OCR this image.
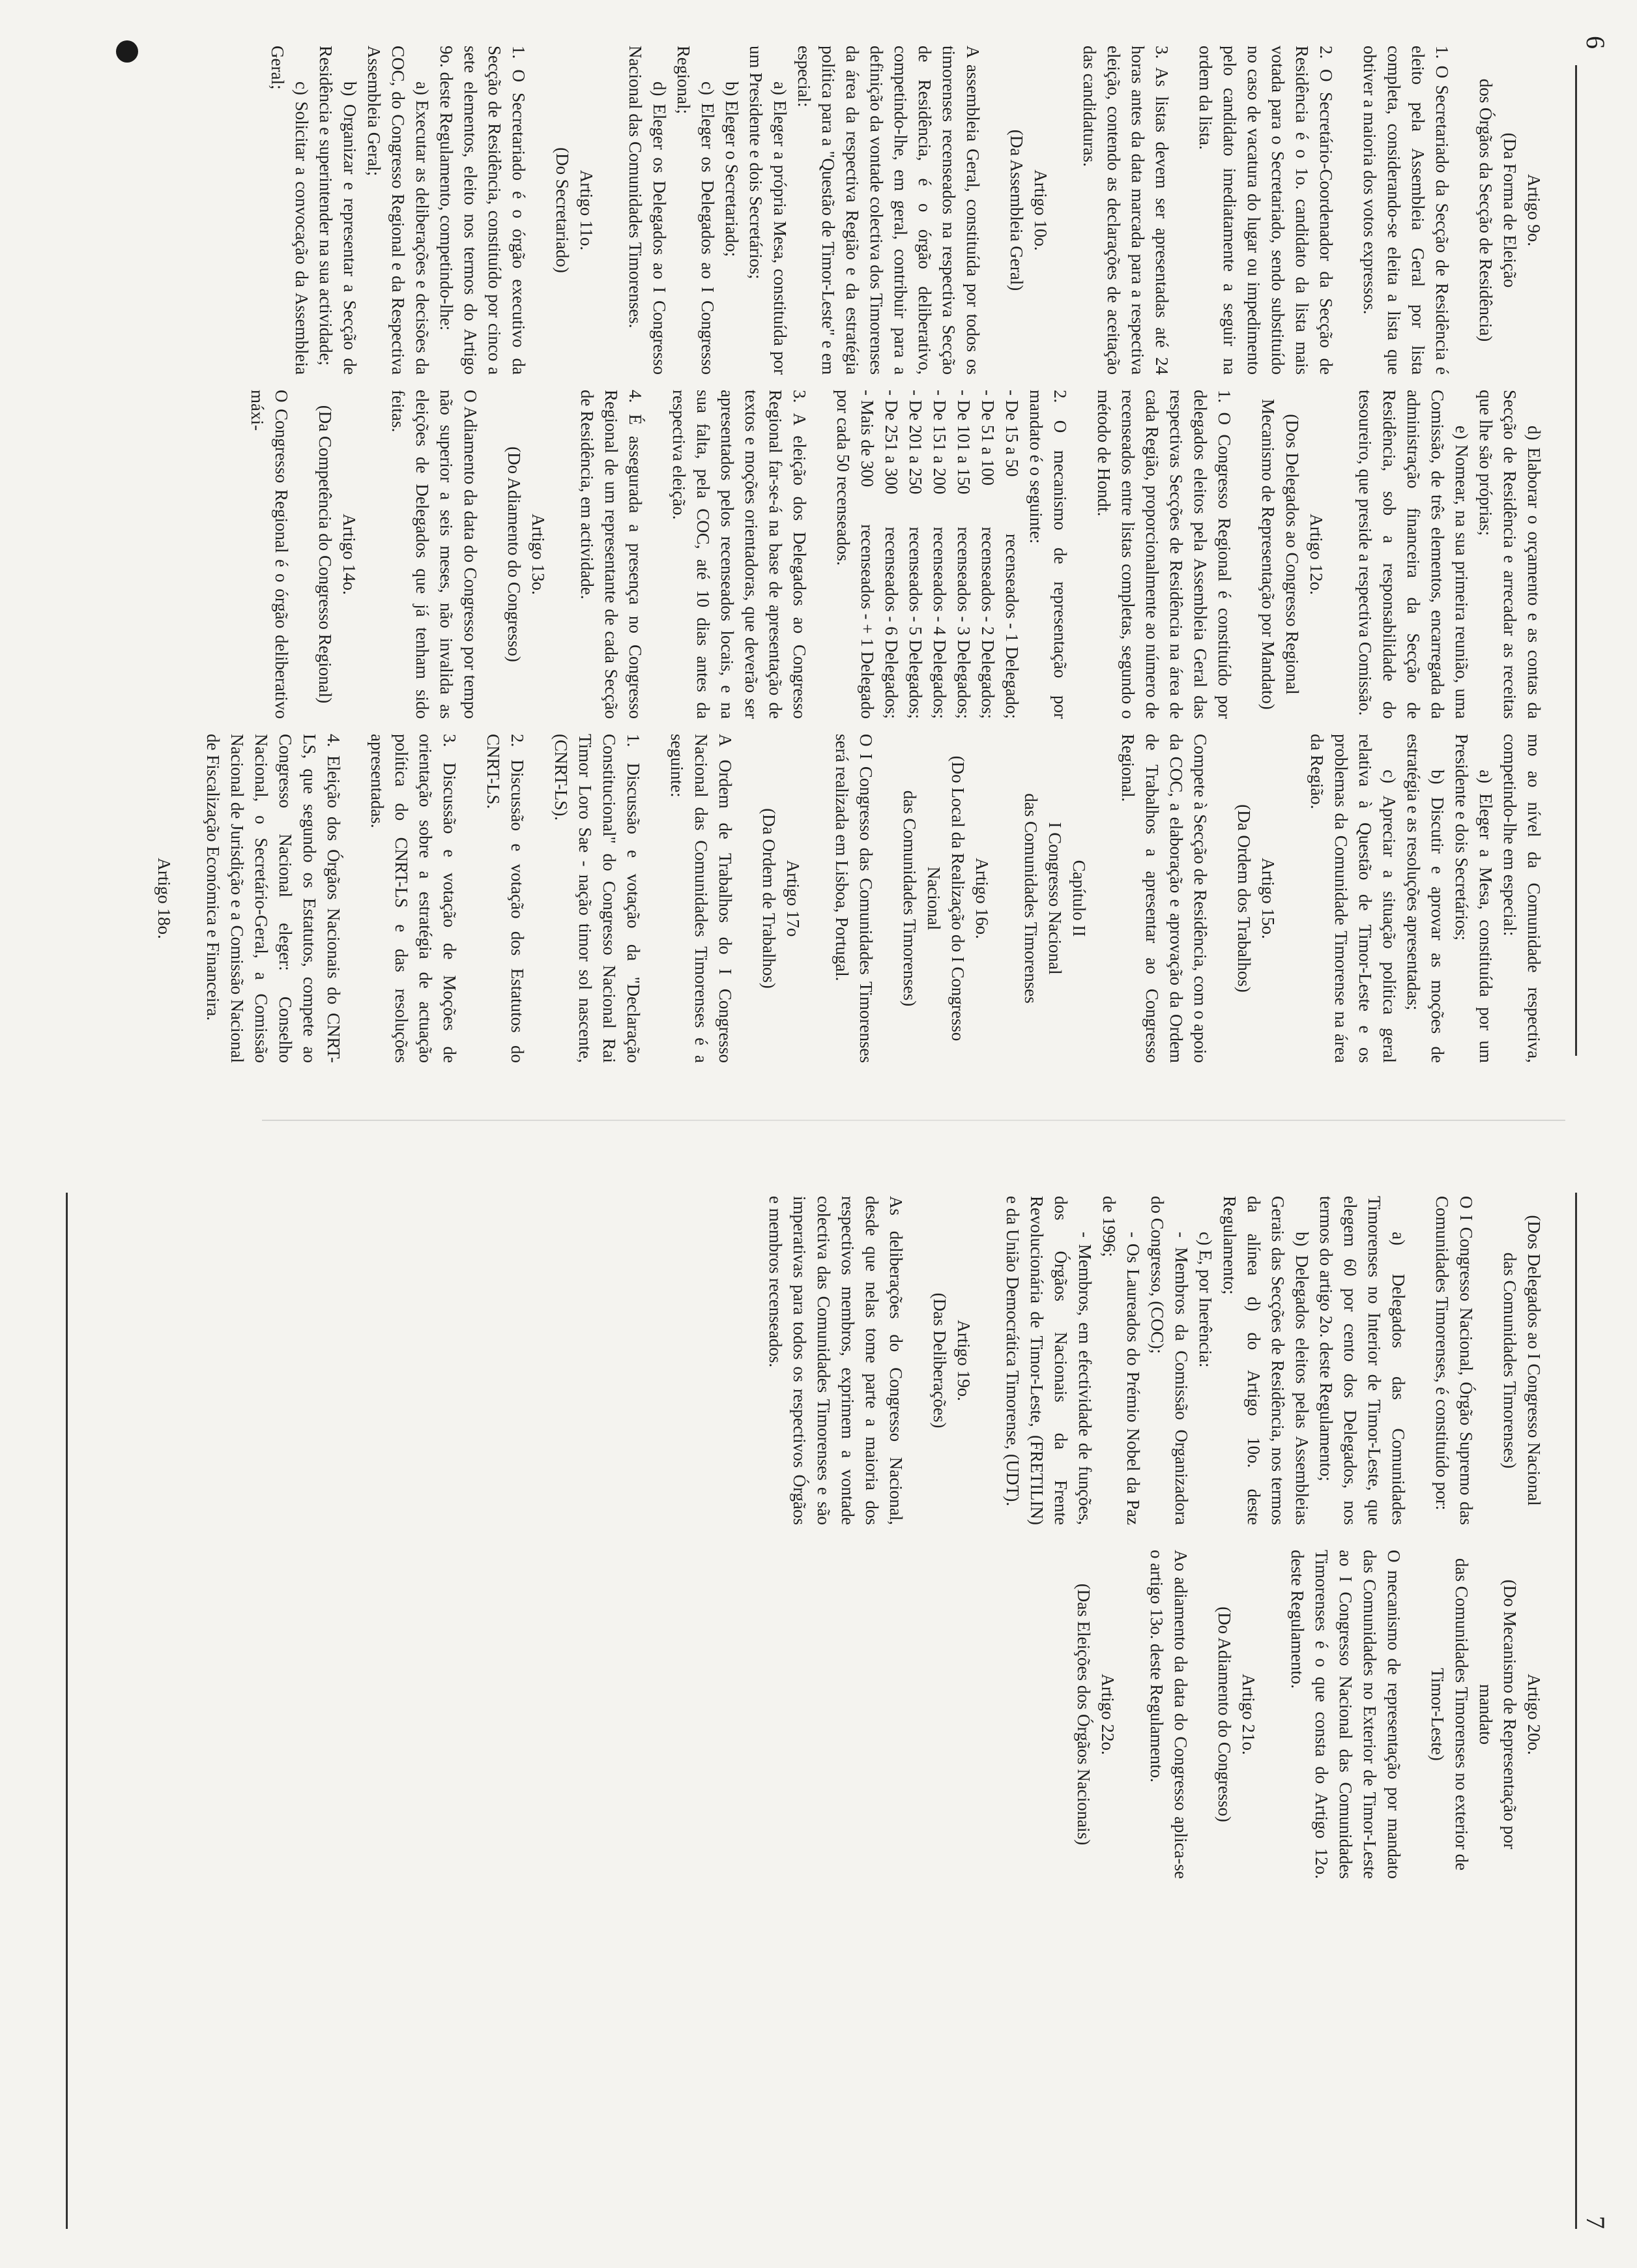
6
7
Artigo 9o.
(Da Forma de Eleição
dos Órgãos da Secção de Residência)

1. O Secretariado da Secção de Residência é eleito pela Assembleia Geral por lista completa, considerando-se eleita a lista que obtiver a maioria dos votos expressos.

2. O Secretário-Coordenador da Secção de Residência é o 1o. candidato da lista mais votada para o Secretariado, sendo substituído no caso de vacatura do lugar ou impedimento pelo candidato imediatamente a seguir na ordem da lista.

3. As listas devem ser apresentadas até 24 horas antes da data marcada para a respectiva eleição, contendo as declarações de aceitação das candidaturas.

Artigo 10o.
(Da Assembleia Geral)

A assembleia Geral, constituída por todos os timorenses recenseados na respectiva Secção de Residência, é o órgão deliberativo, competindo-lhe, em geral, contribuir para a definição da vontade colectiva dos Timorenses da área da respectiva Região e da estratégia política para a "Questão de Timor-Leste" e em especial:

a) Eleger a própria Mesa, constituída por um Presidente e dois Secretários;

b) Eleger o Secretariado;

c) Eleger os Delegados ao I Congresso Regional;

d) Eleger os Delegados ao I Congresso Nacional das Comunidades Timorenses.

Artigo 11o.
(Do Secretariado)

1. O Secretariado é o órgão executivo da Secção de Residência, constituído por cinco a sete elementos, eleito nos termos do Artigo 9o. deste Regulamento, competindo-lhe:

a) Executar as deliberações e decisões da COC, do Congresso Regional e da Respectiva Assembleia Geral;

b) Organizar e representar a Secção de Residência e superintender na sua actividade;

c) Solicitar a convocação da Assembleia Geral;

d) Elaborar o orçamento e as contas da Secção de Residência e arrecadar as receitas que lhe são próprias;

e) Nomear, na sua primeira reunião, uma Comissão, de três elementos, encarregada da administração financeira da Secção de Residência, sob a responsabilidade do tesoureiro, que preside a respectiva Comissão.

Artigo 12o.
(Dos Delegados ao Congresso Regional
Mecanismo de Representação por Mandato)

1. O Congresso Regional é constituído por delegados eleitos pela Assembleia Geral das respectivas Secções de Residência na área de cada Região, proporcionalmente ao número de recenseados entre listas completas, segundo o método de Hondt.

2. O mecanismo de representação por mandato é o seguinte:

- De 15 a 50
recenseados - 1 Delegado;
- De 51 a 100
recenseados - 2 Delegados;
- De 101 a 150
recenseados - 3 Delegados;
- De 151 a 200
recenseados - 4 Delegados;
- De 201 a 250
recenseados - 5 Delegados;
- De 251 a 300
recenseados - 6 Delegados;
- Mais de 300
recenseados - + 1 Delegado

por cada 50 recenseados.

3. A eleição dos Delegados ao Congresso Regional far-se-á na base de apresentação de textos e moções orientadoras, que deverão ser apresentados pelos recenseados locais, e na sua falta, pela COC, até 10 dias antes da respectiva eleição.

4. É assegurada a presença no Congresso Regional de um representante de cada Secção de Residência, em actividade.

Artigo 13o.
(Do Adiamento do Congresso)

O Adiamento da data do Congresso por tempo não superior a seis meses, não invalida as eleições de Delegados que já tenham sido feitas.

Artigo 14o.
(Da Competência do Congresso Regional)

O Congresso Regional é o órgão deliberativo máxi-

mo ao nível da Comunidade respectiva, competindo-lhe em especial:

a) Eleger a Mesa, constituída por um Presidente e dois Secretários;

b) Discutir e aprovar as moções de estratégia e as resoluções apresentadas;

c) Apreciar a situação política geral relativa à Questão de Timor-Leste e os problemas da Comunidade Timorense na área da Região.

Artigo 15o.
(Da Ordem dos Trabalhos)

Compete à Secção de Residência, com o apoio da COC, a elaboração e aprovação da Ordem de Trabalhos a apresentar ao Congresso Regional.

Capítulo II
I Congresso Nacional
das Comunidades Timorenses
Artigo 16o.
(Do Local da Realização do I Congresso Nacional
das Comunidades Timorenses)

O I Congresso das Comunidades Timorenses será realizada em Lisboa, Portugal.

Artigo 17o
(Da Ordem de Trabalhos)

A Ordem de Trabalhos do I Congresso Nacional das Comunidades Timorenses é a seguinte:

1. Discussão e votação da "Declaração Constitucional" do Congresso Nacional Rai Timor Loro Sae - nação timor sol nascente, (CNRT-LS).

2. Discussão e votação dos Estatutos do CNRT-LS.

3. Discussão e votação de Moções de orientação sobre a estratégia de actuação política do CNRT-LS e das resoluções apresentadas.

4. Eleição dos Órgãos Nacionais do CNRT-LS, que segundo os Estatutos, compete ao Congresso Nacional eleger: Conselho Nacional, o Secretário-Geral, a Comissão Nacional de Jurisdição e a Comissão Nacional de Fiscalização Económica e Financeira.

Artigo 18o.
(Dos Delegados ao I Congresso Nacional
das Comunidades Timorenses)

O I Congresso Nacional, Órgão Supremo das Comunidades Timorenses, é constituído por:

a) Delegados das Comunidades Timorenses no Interior de Timor-Leste, que elegem 60 por cento dos Delegados, nos termos do artigo 2o. deste Regulamento;

b) Delegados eleitos pelas Assembleias Gerais das Secções de Residência, nos termos da alínea d) do Artigo 10o. deste Regulamento;

c) E, por Inerência:

- Membros da Comissão Organizadora do Congresso, (COC);

- Os Laureados do Prémio Nobel da Paz de 1996;

- Membros, em efectividade de funções, dos Órgãos Nacionais da Frente Revolucionária de Timor-Leste, (FRETILIN) e da União Democrática Timorense, (UDT).

Artigo 19o.
(Das Deliberações)

As deliberações do Congresso Nacional, desde que nelas tome parte a maioria dos respectivos membros, exprimem a vontade colectiva das Comunidades Timorenses e são imperativas para todos os respectivos Órgãos e membros recenseados.

Artigo 20o.
(Do Mecanismo de Representação por mandato
das Comunidades Timorenses no exterior de
Timor-Leste)

O mecanismo de representação por mandato das Comunidades no Exterior de Timor-Leste ao I Congresso Nacional das Comunidades Timorenses é o que consta do Artigo 12o. deste Regulamento.

Artigo 21o.
(Do Adiamento do Congresso)

Ao adiamento da data do Congresso aplica-se o artigo 13o. deste Regulamento.

Artigo 22o.
(Das Eleições dos Órgãos Nacionais)
